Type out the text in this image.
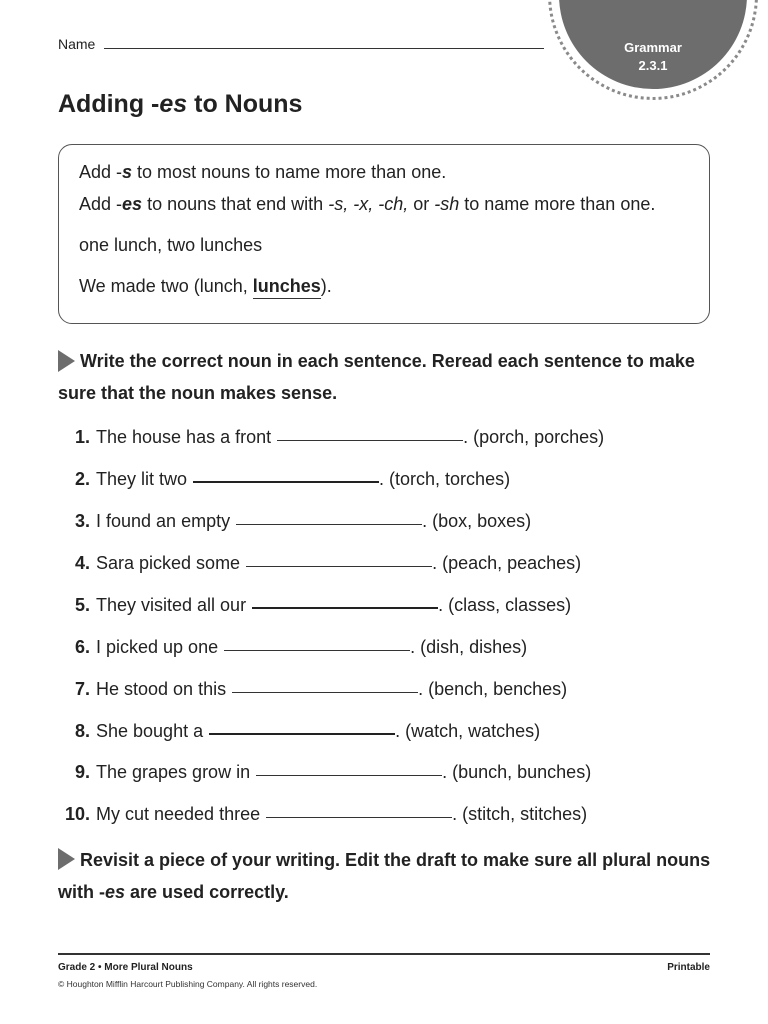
Grammar
2.3.1
Name
Adding -es to Nouns
Add -s to most nouns to name more than one.
Add -es to nouns that end with -s, -x, -ch, or -sh to name more than one.
one lunch, two lunches
We made two (lunch, lunches).
Write the correct noun in each sentence. Reread each sentence to make sure that the noun makes sense.
1. The house has a front	. (porch, porches)
2. They lit two	. (torch, torches)
3. I found an empty	. (box, boxes)
4. Sara picked some	. (peach, peaches)
5. They visited all our	. (class, classes)
6. I picked up one	. (dish, dishes)
7. He stood on this	. (bench, benches)
8. She bought a	. (watch, watches)
9. The grapes grow in	. (bunch, bunches)
10. My cut needed three	. (stitch, stitches)
Revisit a piece of your writing. Edit the draft to make sure all plural nouns with -es are used correctly.
Grade 2 • More Plural Nouns	Printable
© Houghton Mifflin Harcourt Publishing Company. All rights reserved.
